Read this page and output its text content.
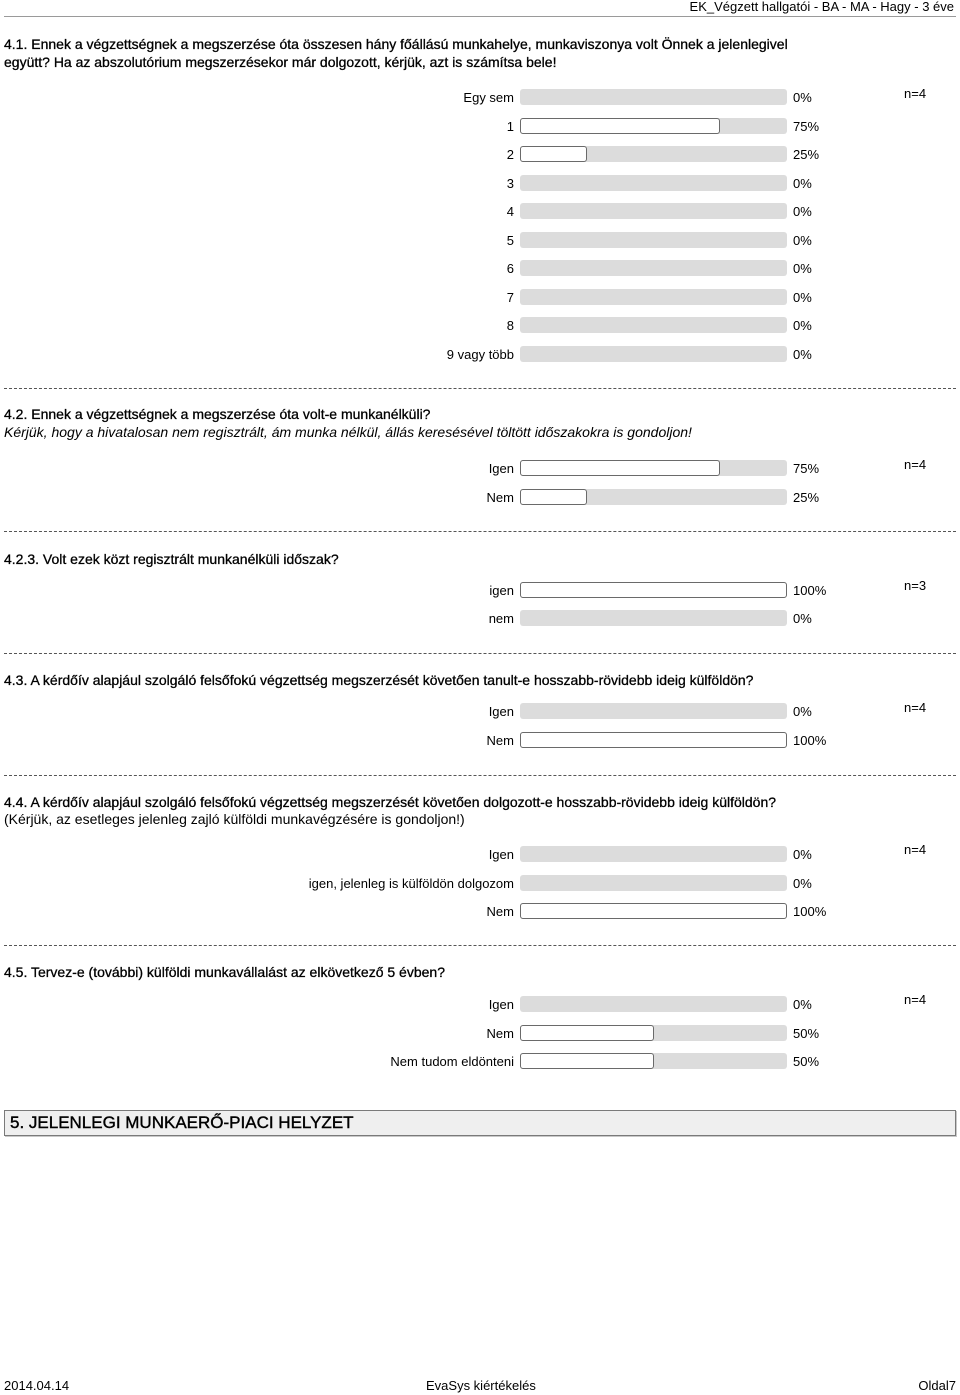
EK_Végzett hallgatói - BA - MA - Hagy - 3 éve
4.1. Ennek a végzettségnek a megszerzése óta összesen hány főállású munkahelye, munkaviszonya volt Önnek a jelenlegivel
együtt? Ha az abszolutórium megszerzésekor már dolgozott, kérjük, azt is számítsa bele!
n=4
Egy sem	0%
1	75%
2	25%
3	0%
4	0%
5	0%
6	0%
7	0%
8	0%
9 vagy több	0%
4.2. Ennek a végzettségnek a megszerzése óta volt-e munkanélküli?
Kérjük, hogy a hivatalosan nem regisztrált, ám munka nélkül, állás keresésével töltött időszakokra is gondoljon!
n=4
Igen	75%
Nem	25%
4.2.3. Volt ezek közt regisztrált munkanélküli időszak?
n=3
igen	100%
nem	0%
4.3. A kérdőív alapjául szolgáló felsőfokú végzettség megszerzését követően tanult-e hosszabb-rövidebb ideig külföldön?
n=4
Igen	0%
Nem	100%
4.4. A kérdőív alapjául szolgáló felsőfokú végzettség megszerzését követően dolgozott-e hosszabb-rövidebb ideig külföldön?
(Kérjük, az esetleges jelenleg zajló külföldi munkavégzésére is gondoljon!)
n=4
Igen	0%
igen, jelenleg is külföldön dolgozom	0%
Nem	100%
4.5. Tervez-e (további) külföldi munkavállalást az elkövetkező 5 évben?
n=4
Igen	0%
Nem	50%
Nem tudom eldönteni	50%
5. JELENLEGI MUNKAERŐ-PIACI HELYZET
2014.04.14	EvaSys kiértékelés	Oldal7
